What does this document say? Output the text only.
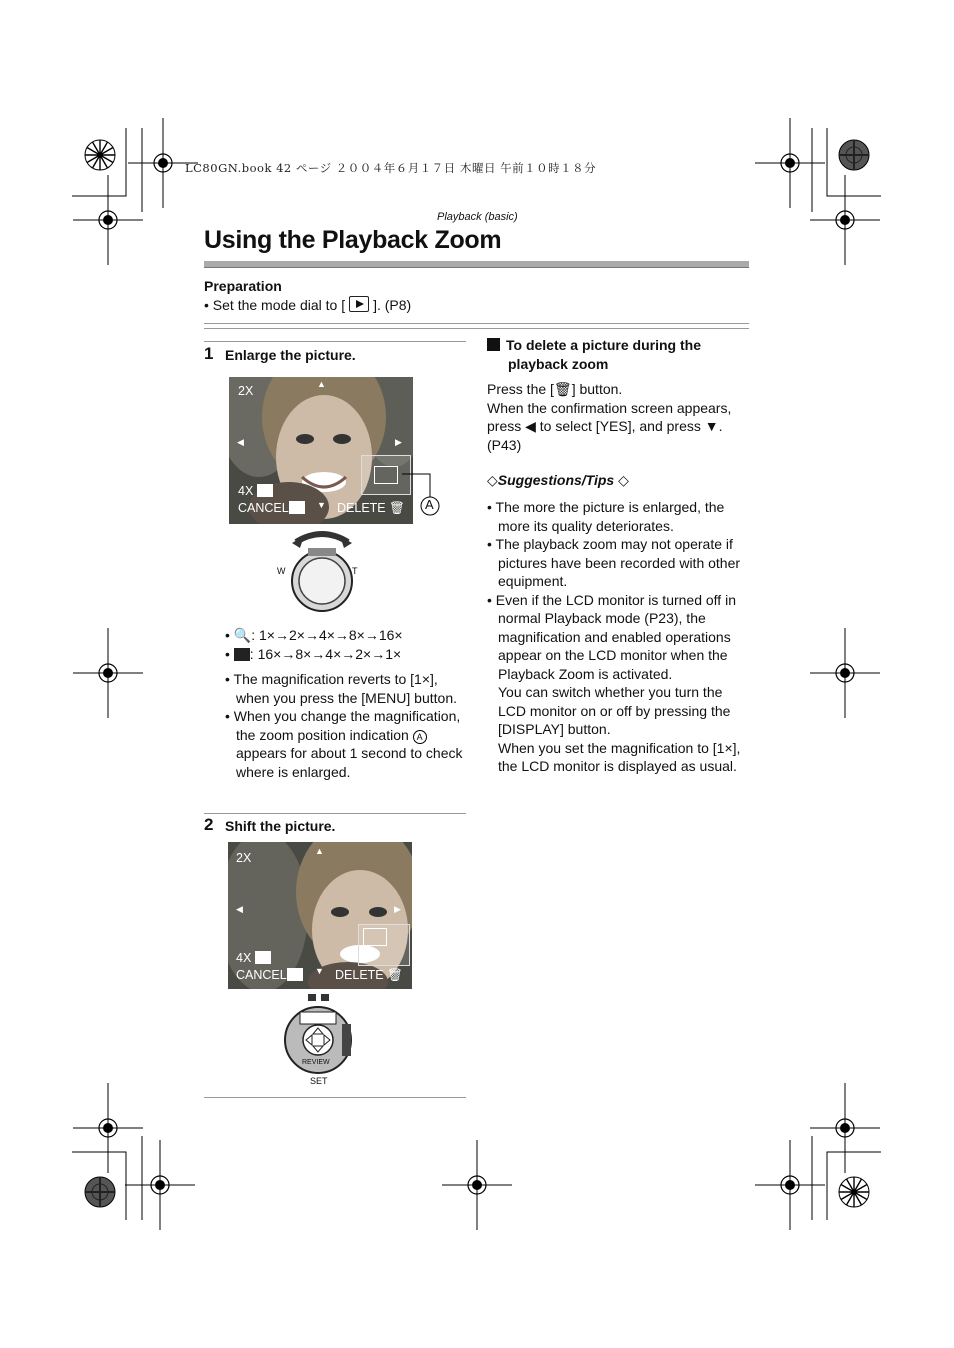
LC80GN.book 42 ページ ２００４年６月１７日 木曜日 午前１０時１８分
Playback (basic)
Using the Playback Zoom
Preparation
• Set the mode dial to [ ]. (P8)
1 Enlarge the picture.
2X	▲
◀	▶
▼
4X
CANCEL	DELETE 🗑 A
W	T
• 🔍: 1×→2×→4×→8×→16×
• : 16×→8×→4×→2×→1×
• The magnification reverts to [1×], when you press the [MENU] button.
• When you change the magnification, the zoom position indication A appears for about 1 second to check where is enlarged.
2 Shift the picture.
2X	▲
◀	▶
▼
4X
CANCEL	DELETE 🗑
REVIEW
SET
To delete a picture during the
playback zoom
Press the [🗑] button.
When the confirmation screen appears, press ◀ to select [YES], and press ▼. (P43)
◇Suggestions/Tips ◇
• The more the picture is enlarged, the more its quality deteriorates.
• The playback zoom may not operate if pictures have been recorded with other equipment.
• Even if the LCD monitor is turned off in normal Playback mode (P23), the magnification and enabled operations appear on the LCD monitor when the Playback Zoom is activated.
You can switch whether you turn the LCD monitor on or off by pressing the [DISPLAY] button.
When you set the magnification to [1×], the LCD monitor is displayed as usual.
